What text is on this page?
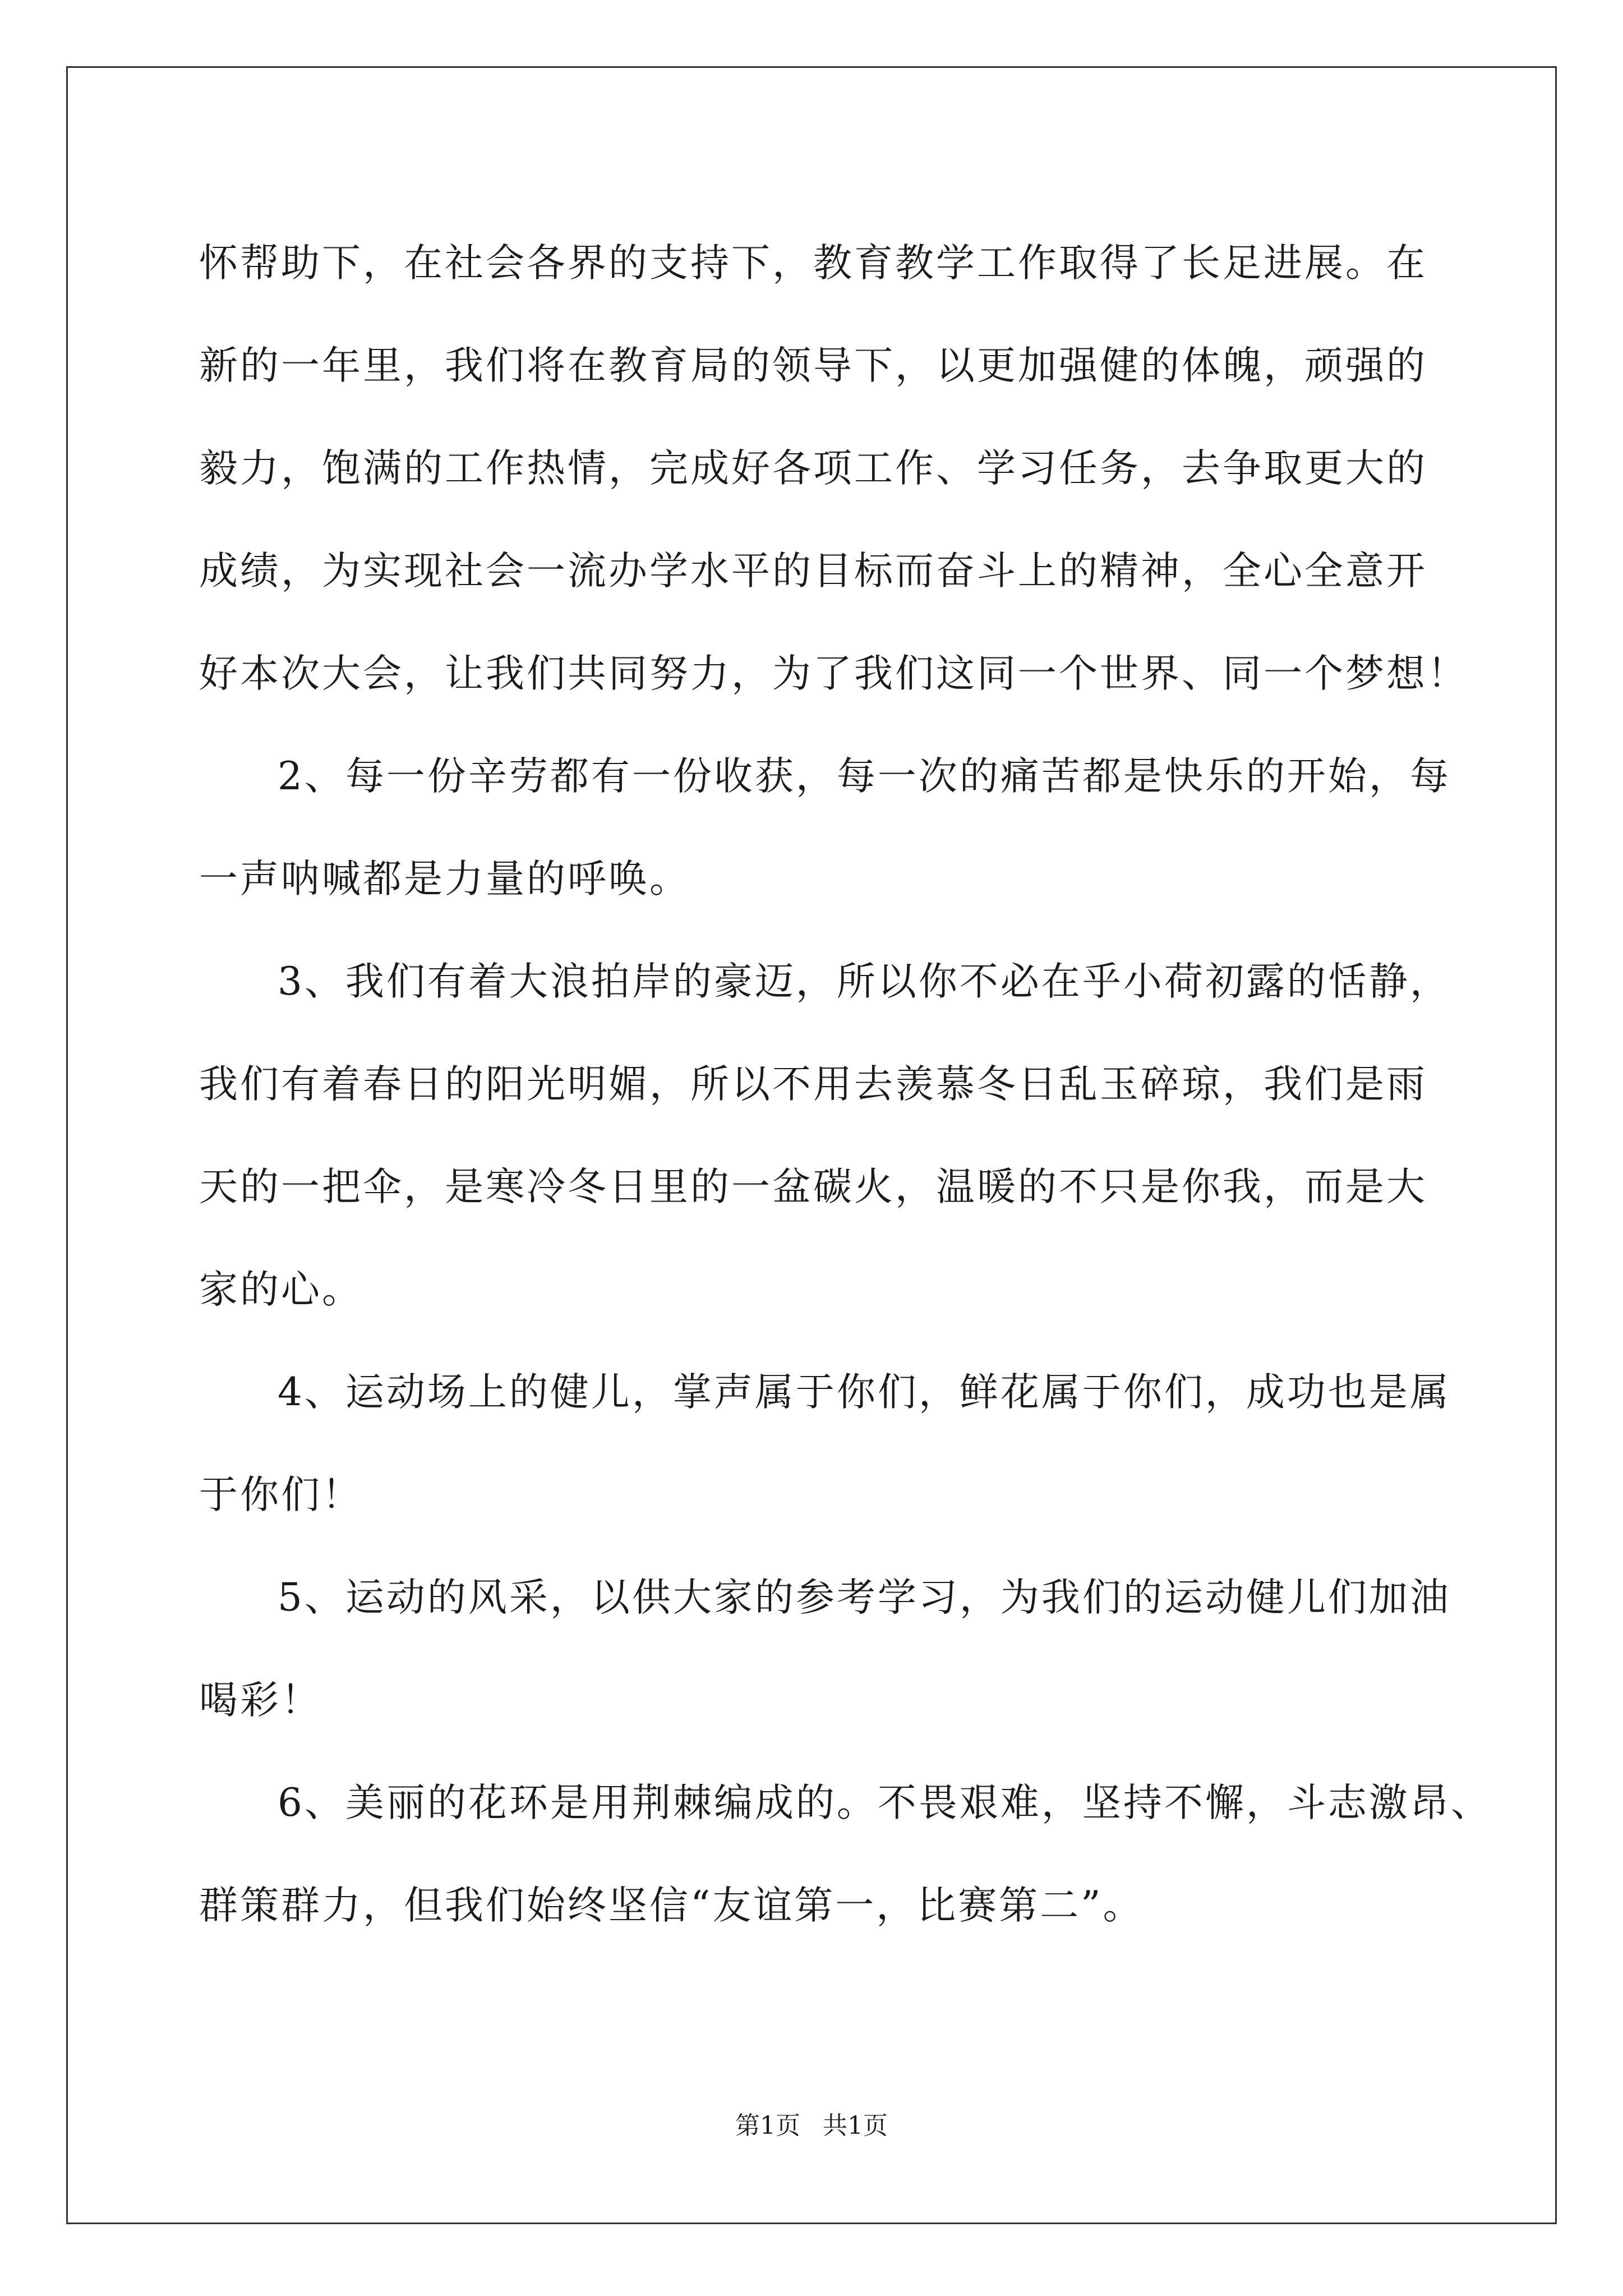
怀帮助下，在社会各界的支持下，教育教学工作取得了长足进展。在
新的一年里，我们将在教育局的领导下，以更加强健的体魄，顽强的
毅力，饱满的工作热情，完成好各项工作、学习任务，去争取更大的
成绩，为实现社会一流办学水平的目标而奋斗上的精神，全心全意开
好本次大会，让我们共同努力，为了我们这同一个世界、同一个梦想！
2、每一份辛劳都有一份收获，每一次的痛苦都是快乐的开始，每
一声呐喊都是力量的呼唤。
3、我们有着大浪拍岸的豪迈，所以你不必在乎小荷初露的恬静，
我们有着春日的阳光明媚，所以不用去羡慕冬日乱玉碎琼，我们是雨
天的一把伞，是寒冷冬日里的一盆碳火，温暖的不只是你我，而是大
家的心。
4、运动场上的健儿，掌声属于你们，鲜花属于你们，成功也是属
于你们！
5、运动的风采，以供大家的参考学习，为我们的运动健儿们加油
喝彩！
6、美丽的花环是用荆棘编成的。不畏艰难，坚持不懈，斗志激昂、
群策群力，但我们始终坚信“友谊第一，比赛第二”。
第1页 共1页
